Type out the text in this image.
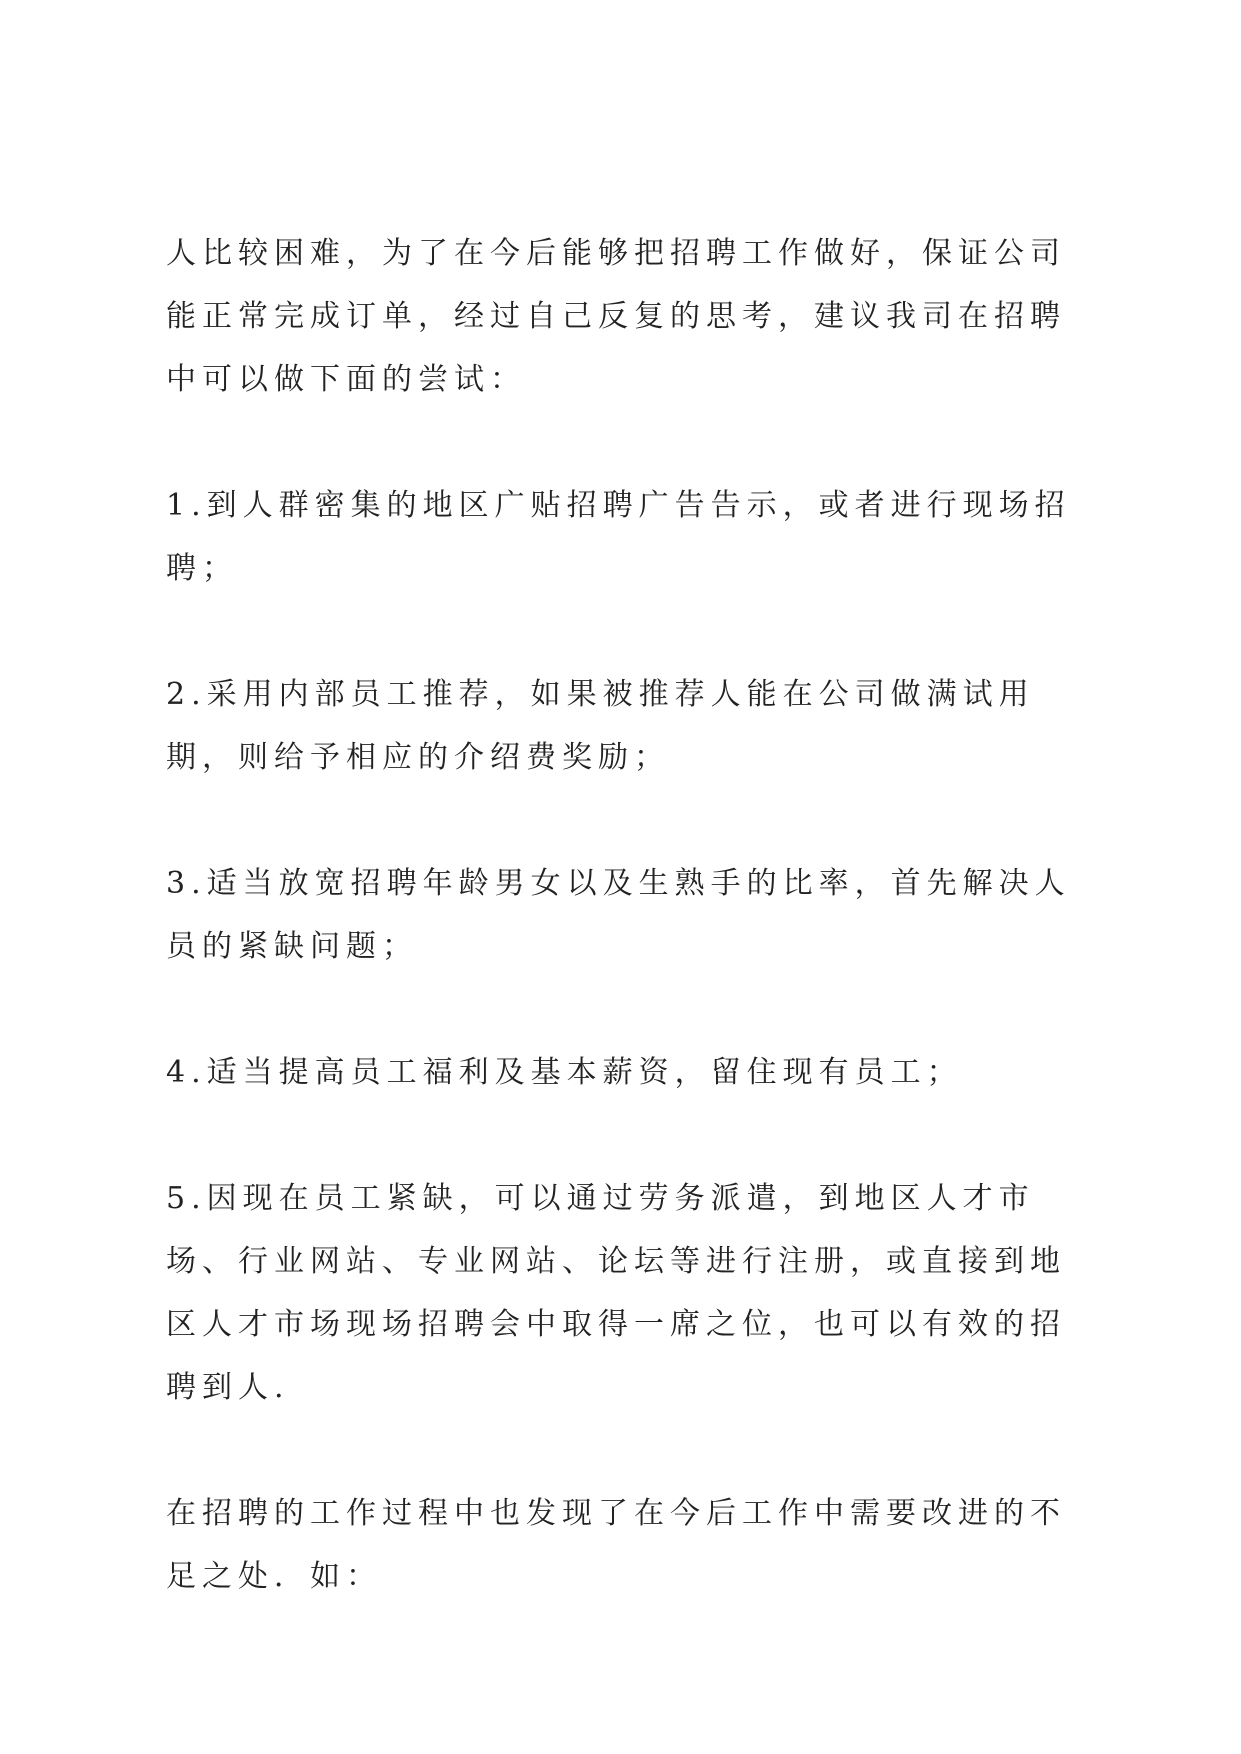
人比较困难，为了在今后能够把招聘工作做好，保证公司能正常完成订单，经过自己反复的思考，建议我司在招聘中可以做下面的尝试：

1.到人群密集的地区广贴招聘广告告示，或者进行现场招聘；

2.采用内部员工推荐，如果被推荐人能在公司做满试用期，则给予相应的介绍费奖励；

3.适当放宽招聘年龄男女以及生熟手的比率，首先解决人员的紧缺问题；

4.适当提高员工福利及基本薪资，留住现有员工；

5.因现在员工紧缺，可以通过劳务派遣，到地区人才市场、行业网站、专业网站、论坛等进行注册，或直接到地区人才市场现场招聘会中取得一席之位，也可以有效的招聘到人.

在招聘的工作过程中也发现了在今后工作中需要改进的不足之处．如：
